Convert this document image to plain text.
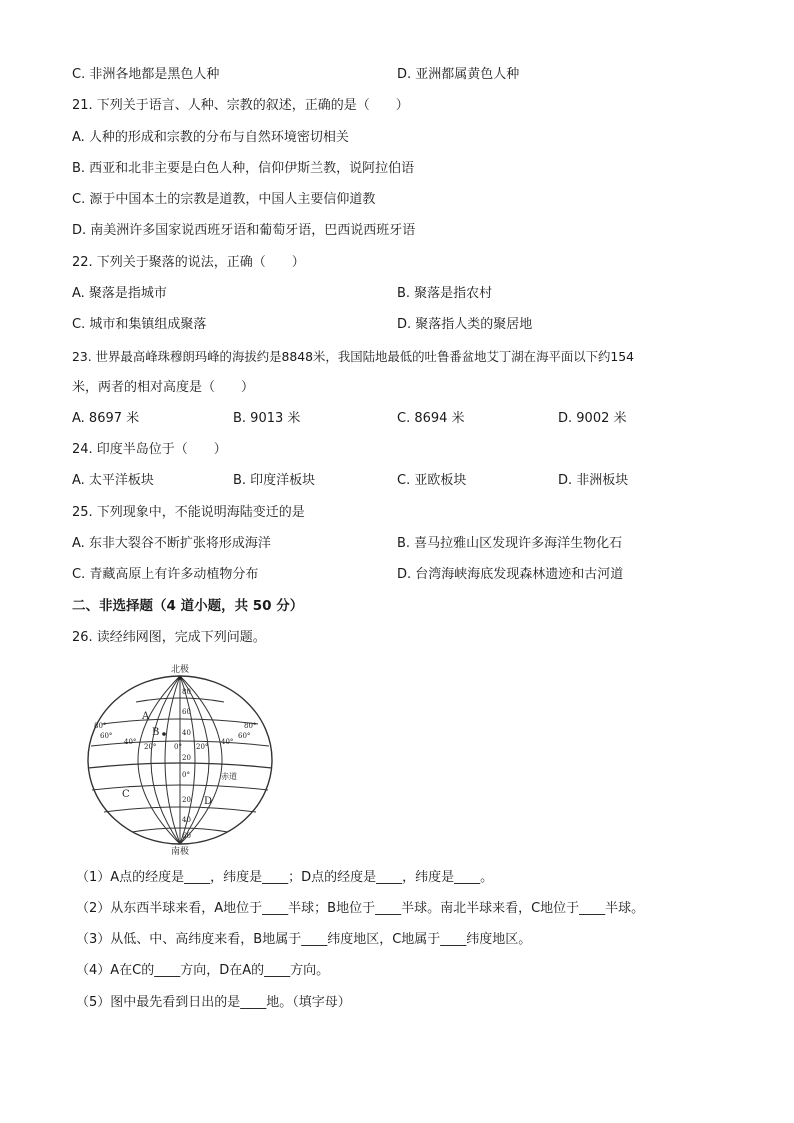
C. 非洲各地都是黑色人种	D. 亚洲都属黄色人种
21. 下列关于语言、人种、宗教的叙述，正确的是（　　）
A. 人种的形成和宗教的分布与自然环境密切相关
B. 西亚和北非主要是白色人种，信仰伊斯兰教，说阿拉伯语
C. 源于中国本土的宗教是道教，中国人主要信仰道教
D. 南美洲许多国家说西班牙语和葡萄牙语，巴西说西班牙语
22. 下列关于聚落的说法，正确（　　）
A. 聚落是指城市	B. 聚落是指农村
C. 城市和集镇组成聚落	D. 聚落指人类的聚居地
23. 世界最高峰珠穆朗玛峰的海拔约是8848米，我国陆地最低的吐鲁番盆地艾丁湖在海平面以下约154
米，两者的相对高度是（　　）
A. 8697 米	B. 9013 米	C. 8694 米	D. 9002 米
24. 印度半岛位于（　　）
A. 太平洋板块	B. 印度洋板块	C. 亚欧板块	D. 非洲板块
25. 下列现象中，不能说明海陆变迁的是
A. 东非大裂谷不断扩张将形成海洋	B. 喜马拉雅山区发现许多海洋生物化石
C. 青藏高原上有许多动植物分布	D. 台湾海峡海底发现森林遗迹和古河道
二、非选择题（4 道小题，共 50 分）
26. 读经纬网图，完成下列问题。
北极
南极
赤道
A
B
C
D
80°
60°
40°
20°	0° 20°
40°
60°
80°
80
60
40
20
0°
20
40
60
（1）A点的经度是____，纬度是____；D点的经度是____，纬度是____。
（2）从东西半球来看，A地位于____半球；B地位于____半球。南北半球来看，C地位于____半球。
（3）从低、中、高纬度来看，B地属于____纬度地区，C地属于____纬度地区。
（4）A在C的____方向，D在A的____方向。
（5）图中最先看到日出的是____地。（填字母）
